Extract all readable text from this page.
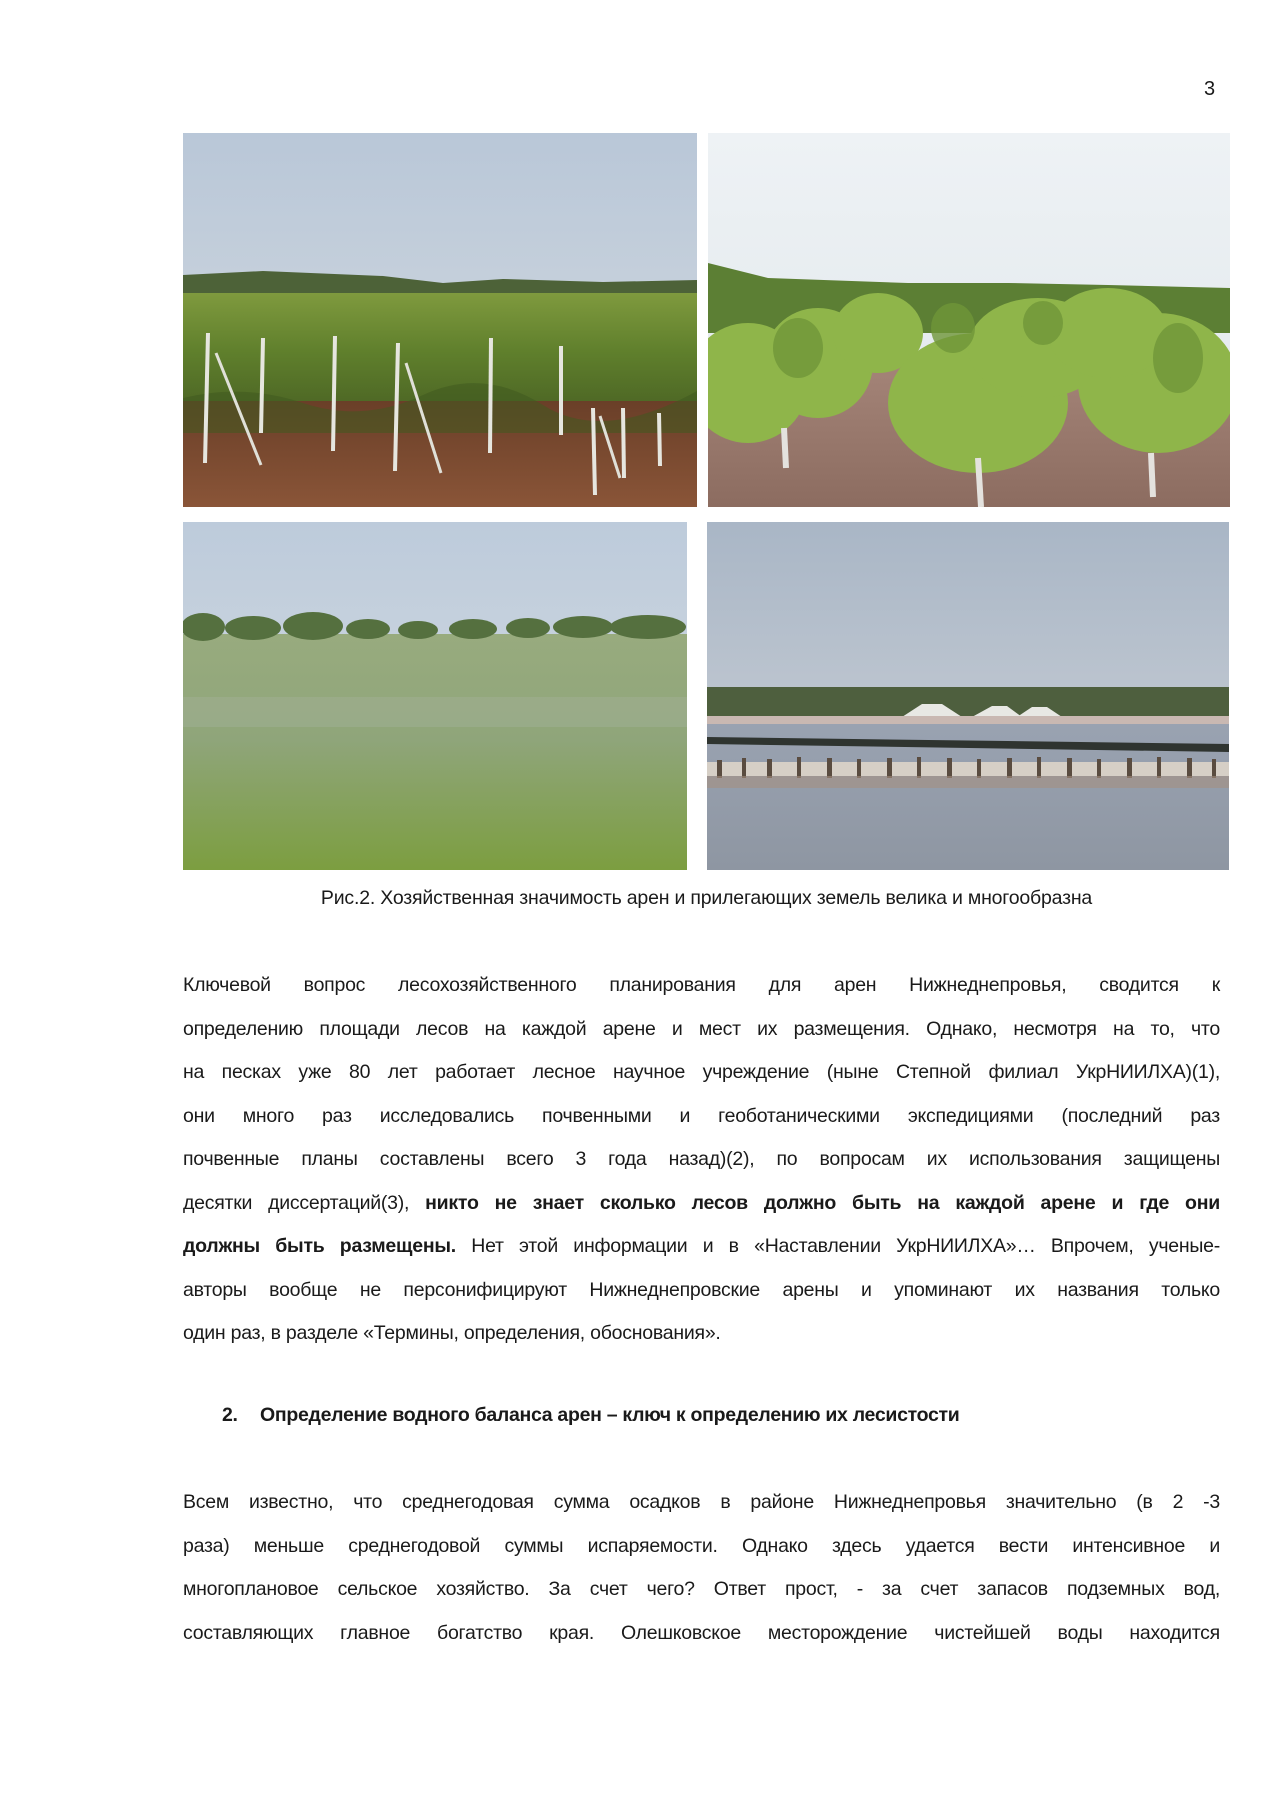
3
Рис.2. Хозяйственная значимость арен и прилегающих земель велика и многообразна
Ключевой вопрос лесохозяйственного планирования для арен Нижнеднепровья, сводится к
определению площади лесов на каждой арене и мест их размещения. Однако, несмотря на то, что
на песках уже 80 лет работает лесное научное учреждение (ныне Степной филиал УкрНИИЛХА)(1),
они много раз исследовались почвенными и геоботаническими экспедициями (последний раз
почвенные планы составлены всего 3 года назад)(2), по вопросам их использования защищены
десятки диссертаций(3), никто не знает сколько лесов должно быть на каждой арене и где они
должны быть размещены. Нет этой информации и в «Наставлении УкрНИИЛХА»… Впрочем, ученые-
авторы вообще не персонифицируют Нижнеднепровские арены и упоминают их названия только
один раз, в разделе «Термины, определения, обоснования».
2. Определение водного баланса арен – ключ к определению их лесистости
Всем известно, что среднегодовая сумма осадков в районе Нижнеднепровья значительно (в 2 -3
раза) меньше среднегодовой суммы испаряемости. Однако здесь удается вести интенсивное и
многоплановое сельское хозяйство. За счет чего? Ответ прост, - за счет запасов подземных вод,
составляющих главное богатство края. Олешковское месторождение чистейшей воды находится
